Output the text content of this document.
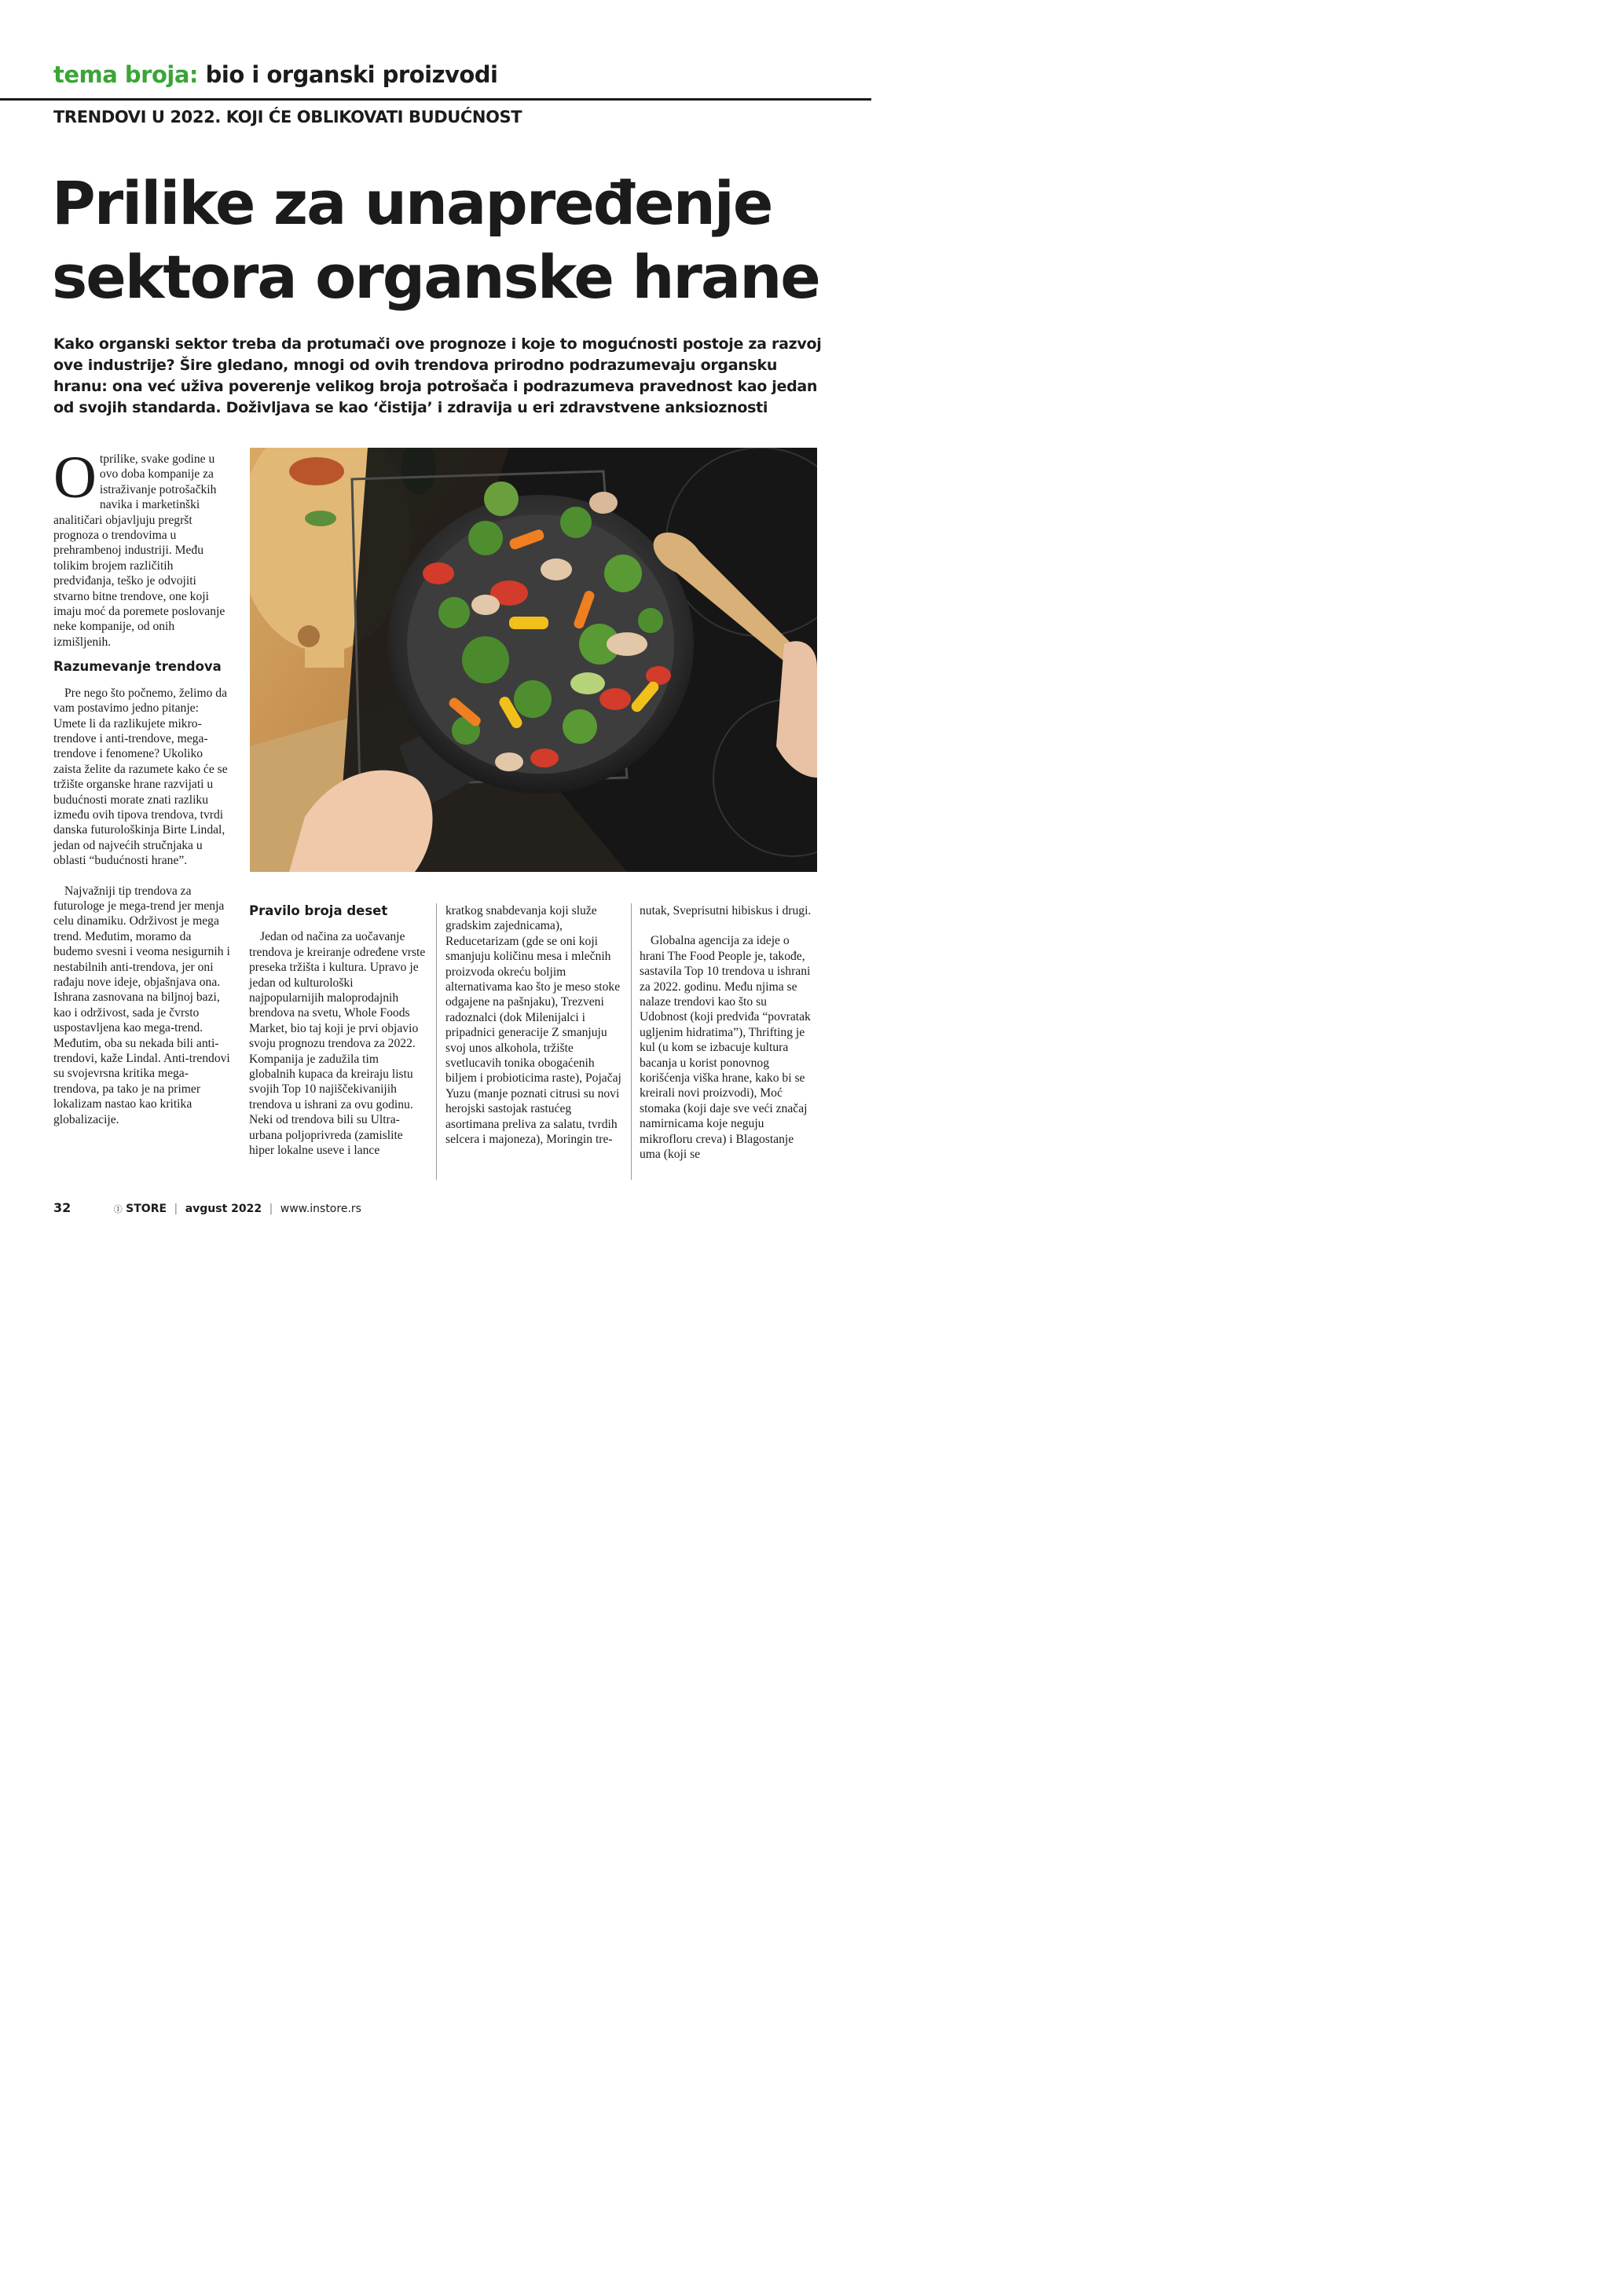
tema broja: bio i organski proizvodi
TRENDOVI U 2022. KOJI ĆE OBLIKOVATI BUDUĆNOST
Prilike za unapređenje
sektora organske hrane
Kako organski sektor treba da protumači ove prognoze i koje to mogućnosti postoje za razvoj ove industrije? Šire gledano, mnogi od ovih trendova prirodno podrazumevaju organsku hranu: ona već uživa poverenje velikog broja potrošača i podrazumeva pravednost kao jedan od svojih standarda. Doživljava se kao ‘čistija’ i zdravija u eri zdravstvene anksioznosti

Otprilike, svake godine u ovo doba kompanije za istraživanje potrošačkih navika i marketinški analitičari objavljuju pregršt prognoza o trendovima u prehrambenoj industriji. Među tolikim brojem različitih predviđanja, teško je odvojiti stvarno bitne trendove, one koji imaju moć da poremete poslovanje neke kompanije, od onih izmišljenih.

Razumevanje trendova

Pre nego što počnemo, želimo da vam postavimo jedno pitanje: Umete li da razlikujete mikro-trendove i anti-trendove, mega-trendove i fenomene? Ukoliko zaista želite da razumete kako će se tržište organske hrane razvijati u budućnosti morate znati razliku između ovih tipova trendova, tvrdi danska futurološkinja Birte Lindal, jedan od najvećih stručnjaka u oblasti “budućnosti hrane”.

Najvažniji tip trendova za futurologe je mega-trend jer menja celu dinamiku. Održivost je mega trend. Međutim, moramo da budemo svesni i veoma nesigurnih i nestabilnih anti-trendova, jer oni rađaju nove ideje, objašnjava ona. Ishrana zasnovana na biljnoj bazi, kao i održivost, sada je čvrsto uspostavljena kao mega-trend. Međutim, oba su nekada bili anti-trendovi, kaže Lindal. Anti-trendovi su svojevrsna kritika mega-trendova, pa tako je na primer lokalizam nastao kao kritika globalizacije.

Pravilo broja deset

Jedan od načina za uočavanje trendova je kreiranje određene vrste preseka tržišta i kultura. Upravo je jedan od kulturološki najpopularnijih maloprodajnih brendova na svetu, Whole Foods Market, bio taj koji je prvi objavio svoju prognozu trendova za 2022. Kompanija je zadužila tim globalnih kupaca da kreiraju listu svojih Top 10 najiščekivanijih trendova u ishrani za ovu godinu. Neki od trendova bili su Ultra-urbana poljoprivreda (zamislite hiper lokalne useve i lance

kratkog snabdevanja koji služe gradskim zajednicama), Reducetarizam (gde se oni koji smanjuju količinu mesa i mlečnih proizvoda okreću boljim alternativama kao što je meso stoke odgajene na pašnjaku), Trezveni radoznalci (dok Milenijalci i pripadnici generacije Z smanjuju svoj unos alkohola, tržište svetlucavih tonika obogaćenih biljem i probioticima raste), Pojačaj Yuzu (manje poznati citrusi su novi herojski sastojak rastućeg asortimana preliva za salatu, tvrdih selcera i majoneza), Moringin tre-

nutak, Sveprisutni hibiskus i drugi.

Globalna agencija za ideje o hrani The Food People je, takođe, sastavila Top 10 trendova u ishrani za 2022. godinu. Među njima se nalaze trendovi kao što su Udobnost (koji predviđa “povratak ugljenim hidratima”), Thrifting je kul (u kom se izbacuje kultura bacanja u korist ponovnog korišćenja viška hrane, kako bi se kreirali novi proizvodi), Moć stomaka (koji daje sve veći značaj namirnicama koje neguju mikrofloru creva) i Blagostanje uma (koji se

32	Ⓘ STORE | avgust 2022 | www.instore.rs
